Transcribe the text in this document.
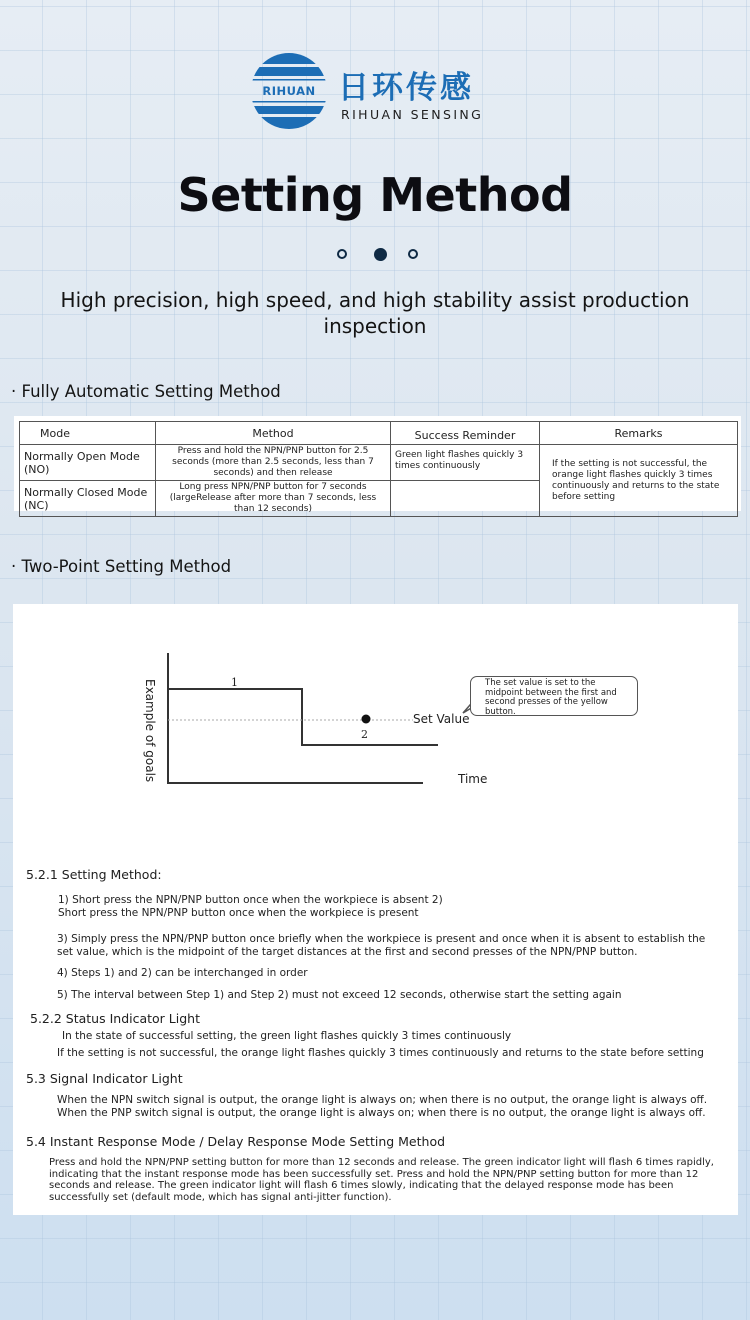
RIHUAN 日环传感
RIHUAN SENSING
Setting Method
High precision, high speed, and high stability assist production inspection
· Fully Automatic Setting Method
Mode	Method	Success Reminder	Remarks
Normally Open Mode (NO)	Press and hold the NPN/PNP button for 2.5 seconds (more than 2.5 seconds, less than 7 seconds) and then release	Green light flashes quickly 3 times continuously	If the setting is not successful, the orange light flashes quickly 3 times continuously and returns to the state before setting
Normally Closed Mode (NC)	Long press NPN/PNP button for 7 seconds (largeRelease after more than 7 seconds, less than 12 seconds)		
· Two-Point Setting Method
Example of goals	1
2
Set Value
Time
The set value is set to the midpoint between the first and second presses of the yellow button.
5.2.1 Setting Method:
1) Short press the NPN/PNP button once when the workpiece is absent 2)
Short press the NPN/PNP button once when the workpiece is present
3) Simply press the NPN/PNP button once briefly when the workpiece is present and once when it is absent to establish the set value, which is the midpoint of the target distances at the first and second presses of the NPN/PNP button.
4) Steps 1) and 2) can be interchanged in order
5) The interval between Step 1) and Step 2) must not exceed 12 seconds, otherwise start the setting again
5.2.2 Status Indicator Light
In the state of successful setting, the green light flashes quickly 3 times continuously
If the setting is not successful, the orange light flashes quickly 3 times continuously and returns to the state before setting
5.3 Signal Indicator Light
When the NPN switch signal is output, the orange light is always on; when there is no output, the orange light is always off.
When the PNP switch signal is output, the orange light is always on; when there is no output, the orange light is always off.
5.4 Instant Response Mode / Delay Response Mode Setting Method
Press and hold the NPN/PNP setting button for more than 12 seconds and release. The green indicator light will flash 6 times rapidly, indicating that the instant response mode has been successfully set. Press and hold the NPN/PNP setting button for more than 12 seconds and release. The green indicator light will flash 6 times slowly, indicating that the delayed response mode has been successfully set (default mode, which has signal anti-jitter function).
